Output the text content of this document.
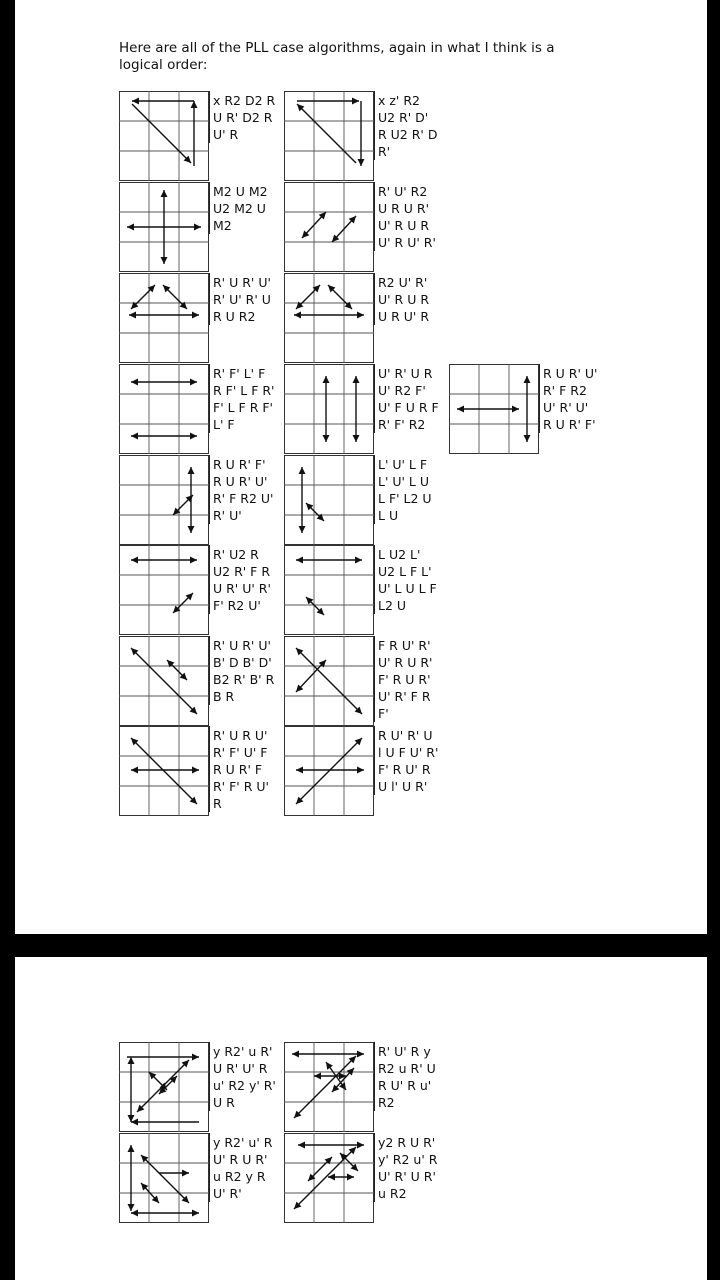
Here are all of the PLL case algorithms, again in what I think is a logical order:
x R2 D2 R
U R' D2 R
U' R
x z' R2
U2 R' D'
R U2 R' D
R'
M2 U M2
U2 M2 U
M2
R' U' R2
U R U R'
U' R U R
U' R U' R'
R' U R' U'
R' U' R' U
R U R2
R2 U' R'
U' R U R
U R U' R
R' F' L' F
R F' L F R'
F' L F R F'
L' F
U' R' U R
U' R2 F'
U' F U R F
R' F' R2
R U R' U'
R' F R2
U' R' U'
R U R' F'
R U R' F'
R U R' U'
R' F R2 U'
R' U'
L' U' L F
L' U' L U
L F' L2 U
L U
R' U2 R
U2 R' F R
U R' U' R'
F' R2 U'
L U2 L'
U2 L F L'
U' L U L F
L2 U
R' U R' U'
B' D B' D'
B2 R' B' R
B R
F R U' R'
U' R U R'
F' R U R'
U' R' F R
F'
R' U R U'
R' F' U' F
R U R' F
R' F' R U'
R
R U' R' U
l U F U' R'
F' R U' R
U l' U R'
y R2' u R'
U R' U' R
u' R2 y' R'
U R
R' U' R y
R2 u R' U
R U' R u'
R2
y R2' u' R
U' R U R'
u R2 y R
U' R'
y2 R U R'
y' R2 u' R
U' R' U R'
u R2
